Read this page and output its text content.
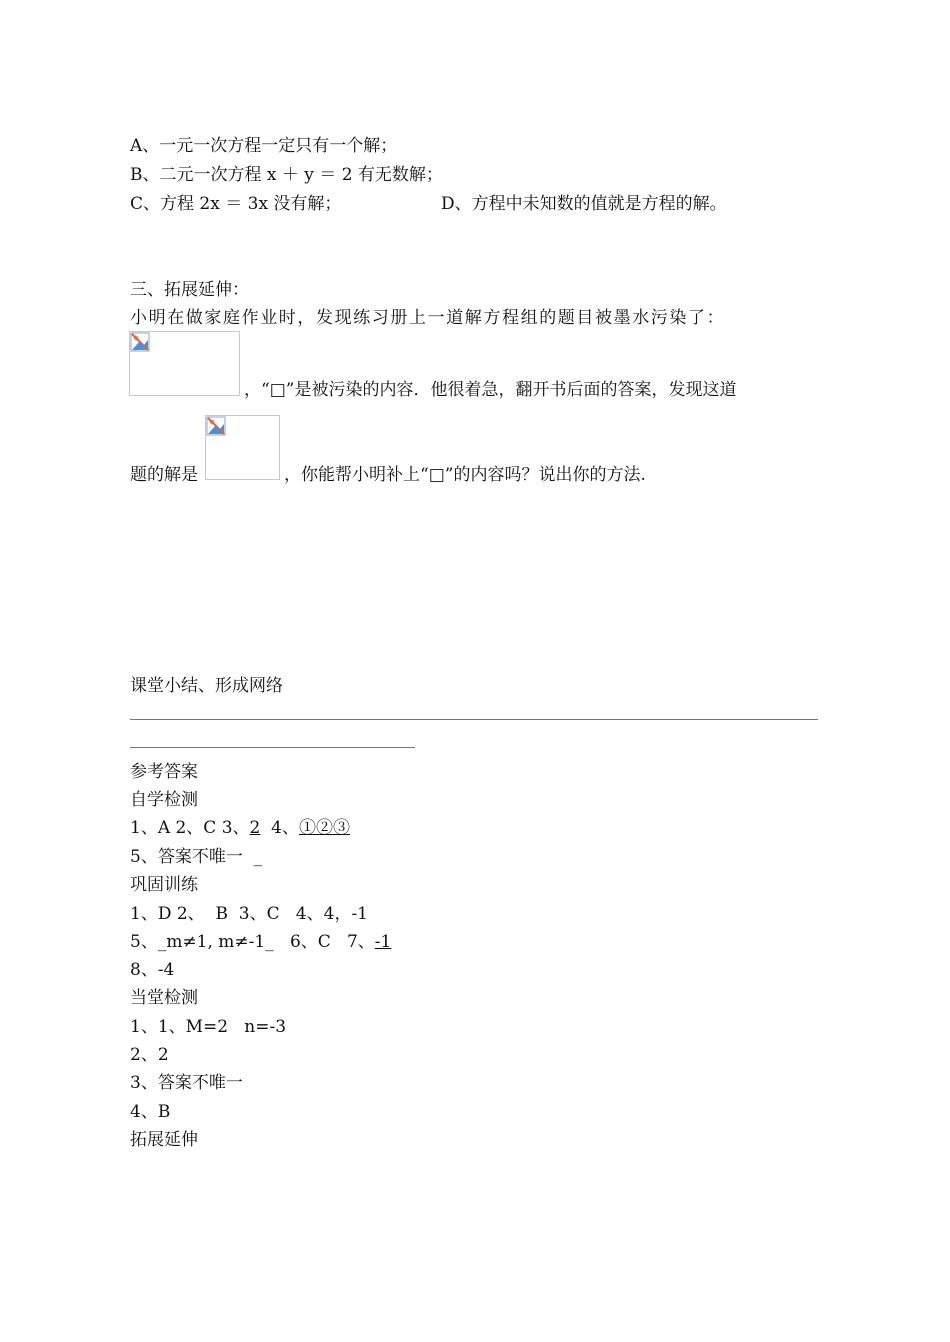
A、一元一次方程一定只有一个解；
B、二元一次方程 x ＋ y ＝ 2 有无数解；
C、方程 2x ＝ 3x 没有解；	D、方程中未知数的值就是方程的解。
三、拓展延伸：
小明在做家庭作业时，发现练习册上一道解方程组的题目被墨水污染了：
，“□”是被污染的内容．他很着急，翻开书后面的答案，发现这道
题的解是	，你能帮小明补上“□”的内容吗？说出你的方法.
课堂小结、形成网络
参考答案
自学检测
1、A 2、C 3、2  4、①②③
5、答案不唯一  _
巩固训练
1、D 2、  B  3、C   4、4，-1
5、_m≠1, m≠-1_   6、C   7、-1
8、-4
当堂检测
1、1、M=2   n=-3
2、2
3、答案不唯一
4、B
拓展延伸
